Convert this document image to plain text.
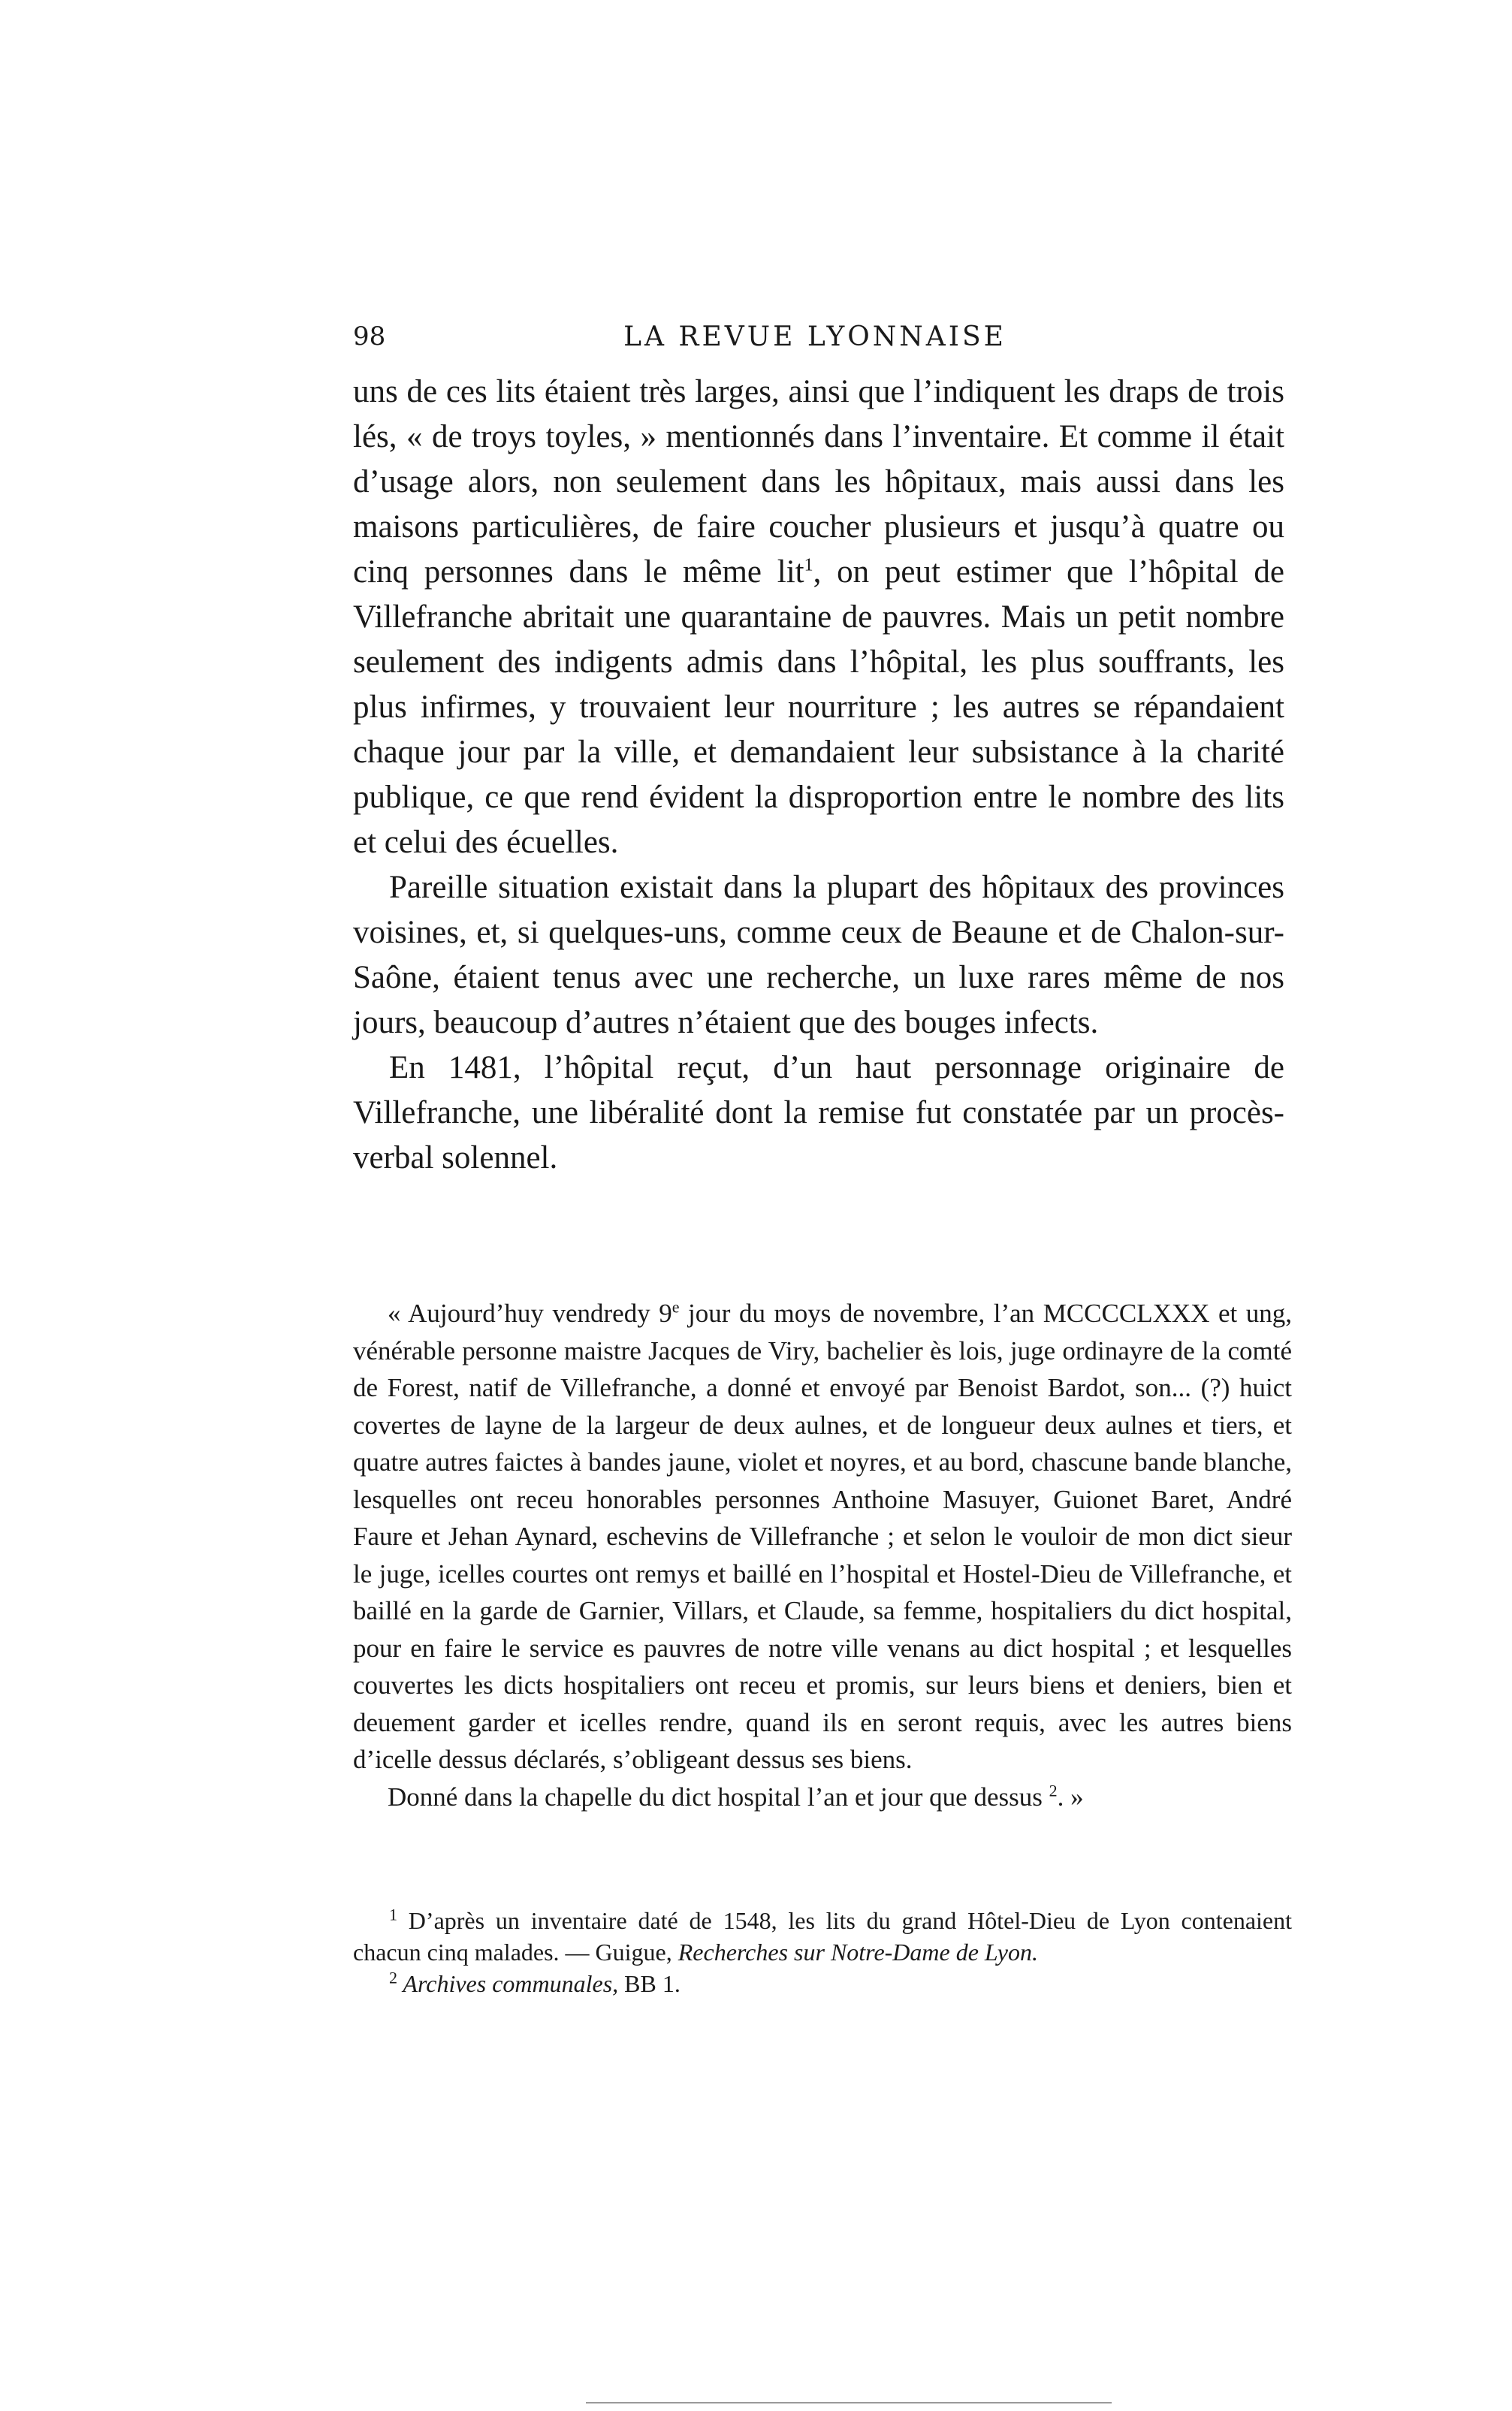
98	LA REVUE LYONNAISE

uns de ces lits étaient très larges, ainsi que l’indiquent les draps de trois lés, « de troys toyles, » mentionnés dans l’inventaire. Et comme il était d’usage alors, non seulement dans les hôpitaux, mais aussi dans les maisons particulières, de faire coucher plusieurs et jusqu’à quatre ou cinq personnes dans le même lit$^1$, on peut estimer que l’hôpital de Villefranche abritait une quarantaine de pauvres. Mais un petit nombre seulement des indigents admis dans l’hôpital, les plus souffrants, les plus infirmes, y trouvaient leur nourriture ; les autres se répandaient chaque jour par la ville, et demandaient leur subsistance à la charité publique, ce que rend évident la disproportion entre le nombre des lits et celui des écuelles.

Pareille situation existait dans la plupart des hôpitaux des provinces voisines, et, si quelques-uns, comme ceux de Beaune et de Chalon-sur-Saône, étaient tenus avec une recherche, un luxe rares même de nos jours, beaucoup d’autres n’étaient que des bouges infects.

En 1481, l’hôpital reçut, d’un haut personnage originaire de Villefranche, une libéralité dont la remise fut constatée par un procès-verbal solennel.

« Aujourd’huy vendredy 9e jour du moys de novembre, l’an MCCCCLXXX et ung, vénérable personne maistre Jacques de Viry, bachelier ès lois, juge ordinayre de la comté de Forest, natif de Villefranche, a donné et envoyé par Benoist Bardot, son... (?) huict covertes de layne de la largeur de deux aulnes, et de longueur deux aulnes et tiers, et quatre autres faictes à bandes jaune, violet et noyres, et au bord, chascune bande blanche, lesquelles ont receu honorables personnes Anthoine Masuyer, Guionet Baret, André Faure et Jehan Aynard, eschevins de Villefranche ; et selon le vouloir de mon dict sieur le juge, icelles courtes ont remys et baillé en l’hospital et Hostel-Dieu de Villefranche, et baillé en la garde de Garnier, Villars, et Claude, sa femme, hospitaliers du dict hospital, pour en faire le service es pauvres de notre ville venans au dict hospital ; et lesquelles couvertes les dicts hospitaliers ont receu et promis, sur leurs biens et deniers, bien et deuement garder et icelles rendre, quand ils en seront requis, avec les autres biens d’icelle dessus déclarés, s’obligeant dessus ses biens.

Donné dans la chapelle du dict hospital l’an et jour que dessus $^2$. »

$^1$ D’après un inventaire daté de 1548, les lits du grand Hôtel-Dieu de Lyon contenaient chacun cinq malades. — Guigue, Recherches sur Notre-Dame de Lyon.

$^2$ Archives communales, BB 1.
